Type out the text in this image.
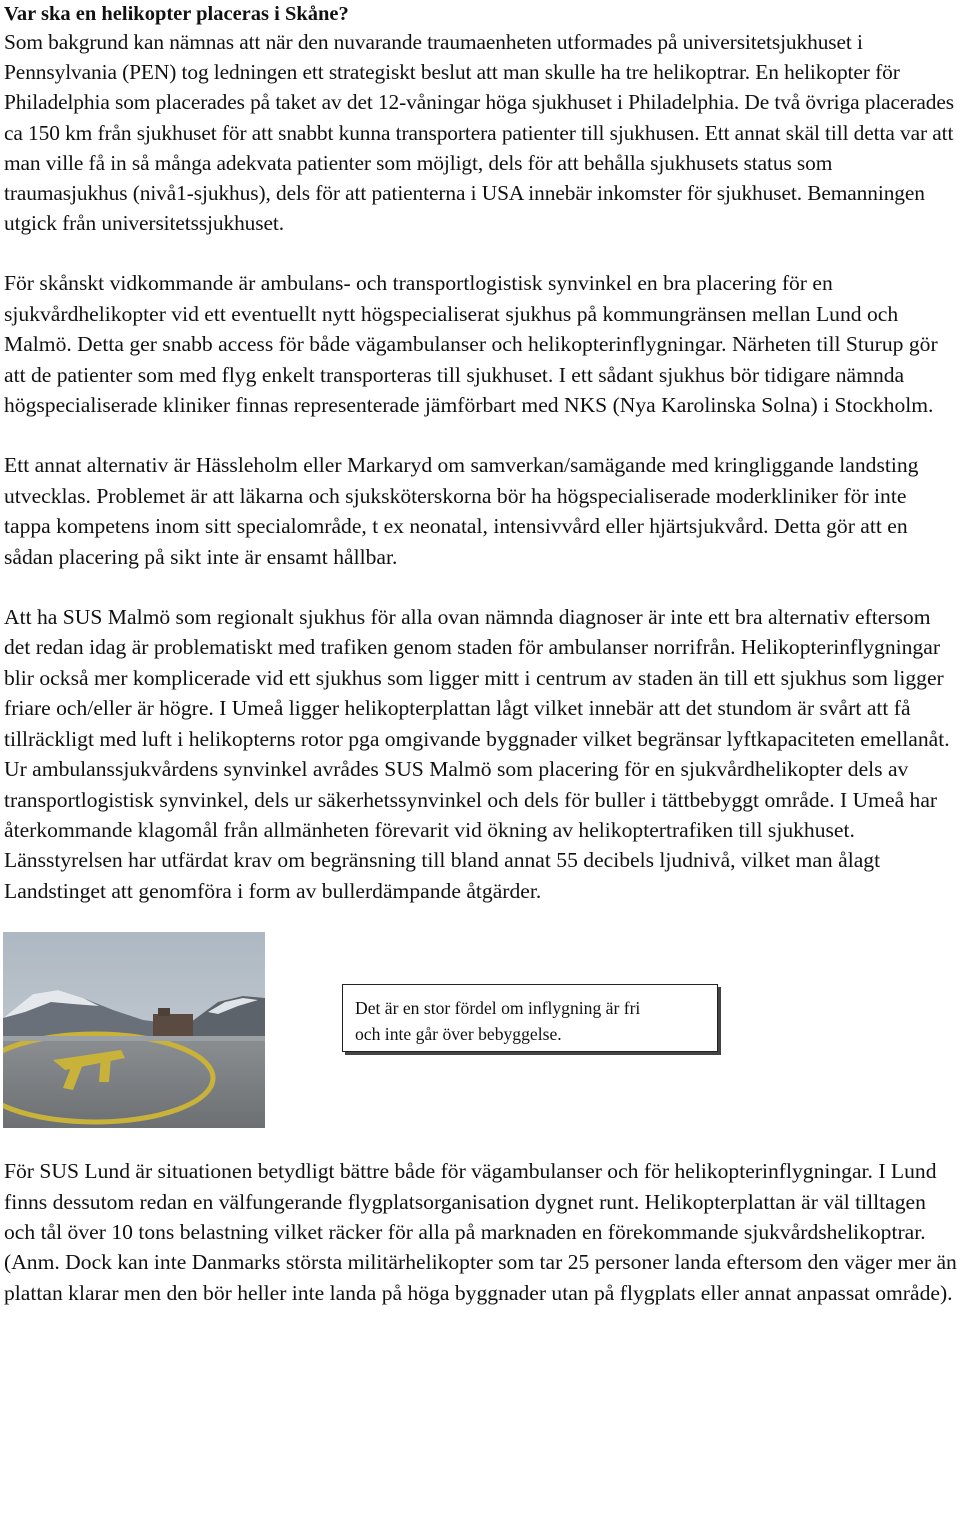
Var ska en helikopter placeras i Skåne?

Som bakgrund kan nämnas att när den nuvarande traumaenheten utformades på universitetsjukhuset i Pennsylvania (PEN) tog ledningen ett strategiskt beslut att man skulle ha tre helikoptrar. En helikopter för Philadelphia som placerades på taket av det 12-våningar höga sjukhuset i Philadelphia. De två övriga placerades ca 150 km från sjukhuset för att snabbt kunna transportera patienter till sjukhusen. Ett annat skäl till detta var att man ville få in så många adekvata patienter som möjligt, dels för att behålla sjukhusets status som traumasjukhus (nivå1-sjukhus), dels för att patienterna i USA innebär inkomster för sjukhuset. Bemanningen utgick från universitetssjukhuset.

För skånskt vidkommande är ambulans- och transportlogistisk synvinkel en bra placering för en sjukvårdhelikopter vid ett eventuellt nytt högspecialiserat sjukhus på kommungränsen mellan Lund och Malmö. Detta ger snabb access för både vägambulanser och helikopterinflygningar. Närheten till Sturup gör att de patienter som med flyg enkelt transporteras till sjukhuset. I ett sådant sjukhus bör tidigare nämnda högspecialiserade kliniker finnas representerade jämförbart med NKS (Nya Karolinska Solna) i Stockholm.

Ett annat alternativ är Hässleholm eller Markaryd om samverkan/samägande med kringliggande landsting utvecklas. Problemet är att läkarna och sjuksköterskorna bör ha högspecialiserade moderkliniker för inte tappa kompetens inom sitt specialområde, t ex neonatal, intensivvård eller hjärtsjukvård. Detta gör att en sådan placering på sikt inte är ensamt hållbar.

Att ha SUS Malmö som regionalt sjukhus för alla ovan nämnda diagnoser är inte ett bra alternativ eftersom det redan idag är problematiskt med trafiken genom staden för ambulanser norrifrån. Helikopterinflygningar blir också mer komplicerade vid ett sjukhus som ligger mitt i centrum av staden än till ett sjukhus som ligger friare och/eller är högre. I Umeå ligger helikopterplattan lågt vilket innebär att det stundom är svårt att få tillräckligt med luft i helikopterns rotor pga omgivande byggnader vilket begränsar lyftkapaciteten emellanåt. Ur ambulanssjukvårdens synvinkel avrådes SUS Malmö som placering för en sjukvårdhelikopter dels av transportlogistisk synvinkel, dels ur säkerhetssynvinkel och dels för buller i tättbebyggt område. I Umeå har återkommande klagomål från allmänheten förevarit vid ökning av helikoptertrafiken till sjukhuset. Länsstyrelsen har utfärdat krav om begränsning till bland annat 55 decibels ljudnivå, vilket man ålagt Landstinget att genomföra i form av bullerdämpande åtgärder.

Det är en stor fördel om inflygning är fri
och inte går över bebyggelse.

För SUS Lund är situationen betydligt bättre både för vägambulanser och för helikopterinflygningar. I Lund finns dessutom redan en välfungerande flygplatsorganisation dygnet runt. Helikopterplattan är väl tilltagen och tål över 10 tons belastning vilket räcker för alla på marknaden en förekommande sjukvårdshelikoptrar. (Anm. Dock kan inte Danmarks största militärhelikopter som tar 25 personer landa eftersom den väger mer än plattan klarar men den bör heller inte landa på höga byggnader utan på flygplats eller annat anpassat område).
